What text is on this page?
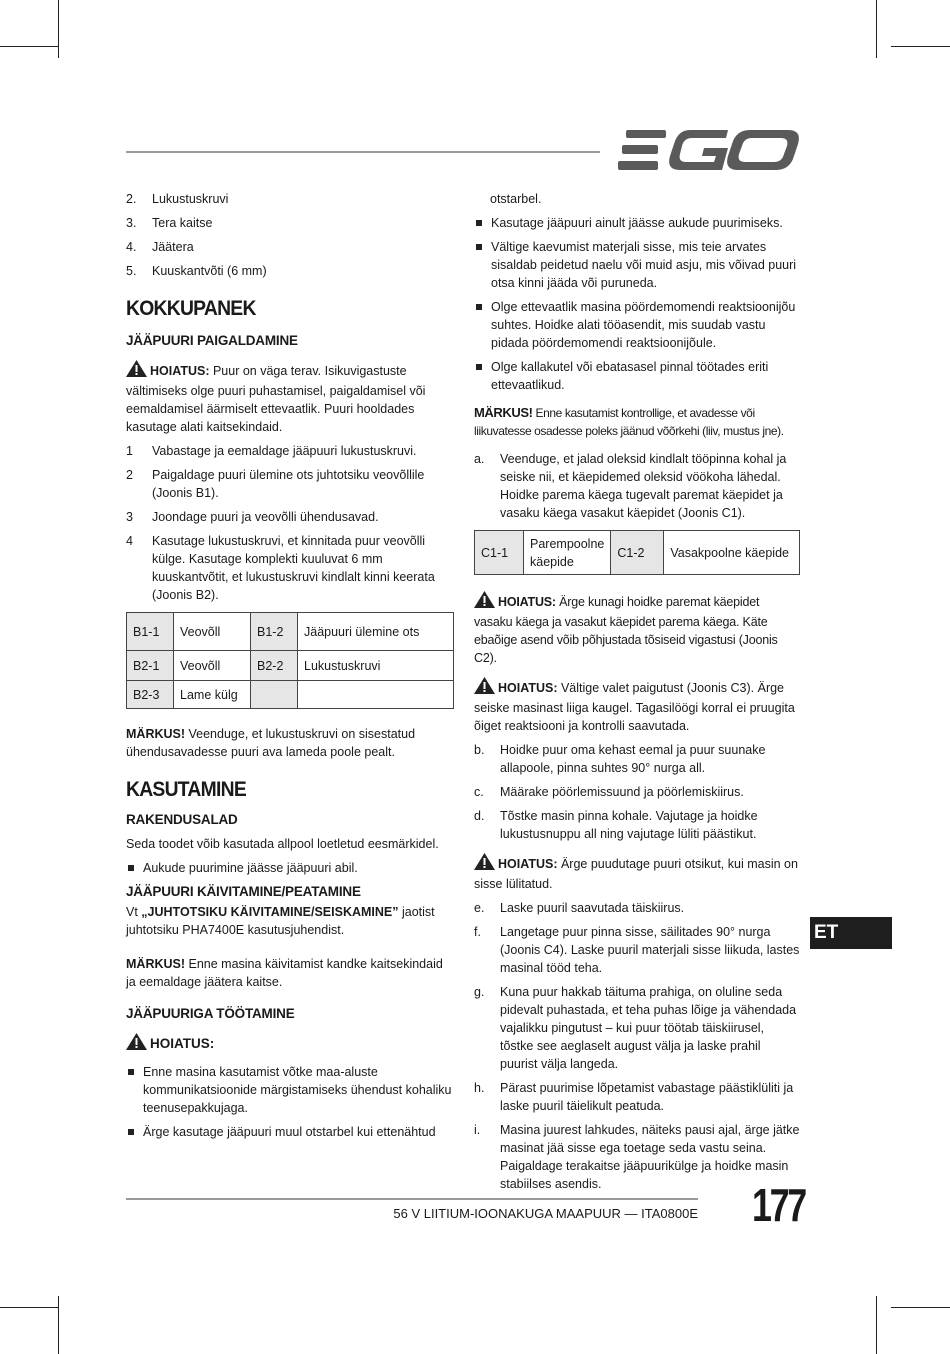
2. Lukustuskruvi
3. Tera kaitse
4. Jäätera
5. Kuuskantvõti (6 mm)
KOKKUPANEK
JÄÄPUURI PAIGALDAMINE

HOIATUS: Puur on väga terav. Isikuvigastuste vältimiseks olge puuri puhastamisel, paigaldamisel või eemaldamisel äärmiselt ettevaatlik. Puuri hooldades kasutage alati kaitsekindaid.

1 Vabastage ja eemaldage jääpuuri lukustuskruvi.
2 Paigaldage puuri ülemine ots juhtotsiku veovõllile (Joonis B1).
3 Joondage puuri ja veovõlli ühendusavad.
4 Kasutage lukustuskruvi, et kinnitada puur veovõlli külge. Kasutage komplekti kuuluvat 6 mm kuuskantvõtit, et lukustuskruvi kindlalt kinni keerata (Joonis B2).
B1-1	Veovõll	B1-2	Jääpuuri ülemine ots
B2-1	Veovõll	B2-2	Lukustuskruvi
B2-3	Lame külg		

MÄRKUS! Veenduge, et lukustuskruvi on sisestatud ühendusavadesse puuri ava lameda poole pealt.

KASUTAMINE
RAKENDUSALAD

Seda toodet võib kasutada allpool loetletud eesmärkidel.

Aukude puurimine jäässe jääpuuri abil.
JÄÄPUURI KÄIVITAMINE/PEATAMINE

Vt „JUHTOTSIKU KÄIVITAMINE/SEISKAMINE” jaotist juhtotsiku PHA7400E kasutusjuhendist.

MÄRKUS! Enne masina käivitamist kandke kaitsekindaid ja eemaldage jäätera kaitse.

JÄÄPUURIGA TÖÖTAMINE

HOIATUS:

Enne masina kasutamist võtke maa-aluste kommunikatsioonide märgistamiseks ühendust kohaliku teenusepakkujaga.
Ärge kasutage jääpuuri muul otstarbel kui ettenähtud

otstarbel.

Kasutage jääpuuri ainult jäässe aukude puurimiseks.
Vältige kaevumist materjali sisse, mis teie arvates sisaldab peidetud naelu või muid asju, mis võivad puuri otsa kinni jääda või puruneda.
Olge ettevaatlik masina pöördemomendi reaktsioonijõu suhtes. Hoidke alati tööasendit, mis suudab vastu pidada pöördemomendi reaktsioonijõule.
Olge kallakutel või ebatasasel pinnal töötades eriti ettevaatlikud.

MÄRKUS! Enne kasutamist kontrollige, et avadesse või liikuvatesse osadesse poleks jäänud võõrkehi (liiv, mustus jne).

a. Veenduge, et jalad oleksid kindlalt tööpinna kohal ja seiske nii, et käepidemed oleksid vöökoha lähedal. Hoidke parema käega tugevalt paremat käepidet ja vasaku käega vasakut käepidet (Joonis C1).
C1-1	Parempoolne käepide	C1-2	Vasakpoolne käepide

HOIATUS: Ärge kunagi hoidke paremat käepidet vasaku käega ja vasakut käepidet parema käega. Käte ebaõige asend võib põhjustada tõsiseid vigastusi (Joonis C2).

HOIATUS: Vältige valet paigutust (Joonis C3). Ärge seiske masinast liiga kaugel. Tagasilöögi korral ei pruugita õiget reaktsiooni ja kontrolli saavutada.

b. Hoidke puur oma kehast eemal ja puur suunake allapoole, pinna suhtes 90° nurga all.
c. Määrake pöörlemissuund ja pöörlemiskiirus.
d. Tõstke masin pinna kohale. Vajutage ja hoidke lukustusnuppu all ning vajutage lüliti päästikut.

HOIATUS: Ärge puudutage puuri otsikut, kui masin on sisse lülitatud.

e. Laske puuril saavutada täiskiirus.
f. Langetage puur pinna sisse, säilitades 90° nurga (Joonis C4). Laske puuril materjali sisse liikuda, lastes masinal tööd teha.
g. Kuna puur hakkab täituma prahiga, on oluline seda pidevalt puhastada, et teha puhas lõige ja vähendada vajalikku pingutust – kui puur töötab täiskiirusel, tõstke see aeglaselt august välja ja laske prahil puurist välja langeda.
h. Pärast puurimise lõpetamist vabastage päästiklüliti ja laske puuril täielikult peatuda.
i. Masina juurest lahkudes, näiteks pausi ajal, ärge jätke masinat jää sisse ega toetage seda vastu seina. Paigaldage terakaitse jääpuurikülge ja hoidke masin stabiilses asendis.
ET
56 V LIITIUM-IOONAKUGA MAAPUUR — ITA0800E 177
